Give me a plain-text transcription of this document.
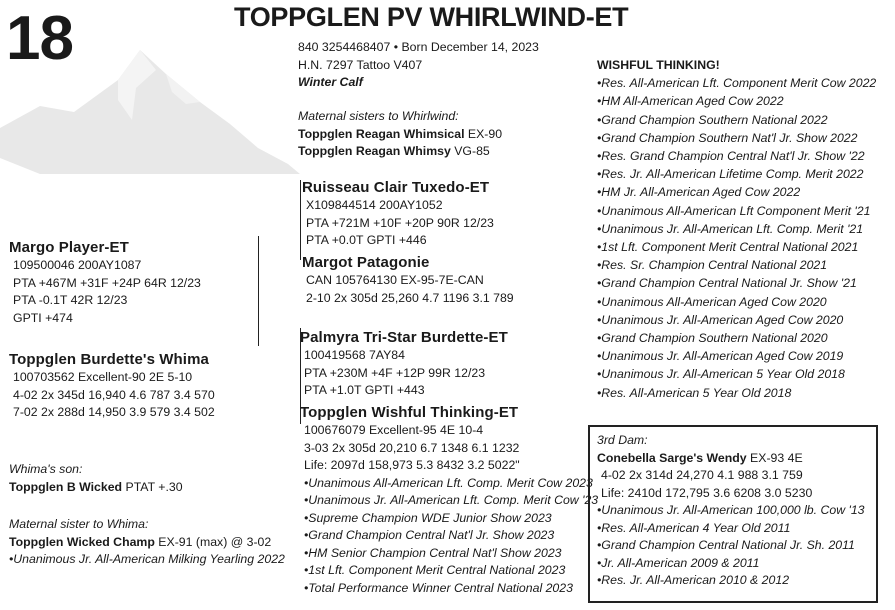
18	TOPPGLEN PV WHIRLWIND-ET
840 3254468407 • Born December 14, 2023
H.N. 7297 Tattoo V407
Winter Calf
Maternal sisters to Whirlwind:
Toppglen Reagan Whimsical EX-90
Toppglen Reagan Whimsy VG-85
Margo Player-ET
109500046 200AY1087
PTA +467M +31F +24P 64R 12/23
PTA -0.1T 42R 12/23
GPTI +474
Ruisseau Clair Tuxedo-ET
X109844514 200AY1052
PTA +721M +10F +20P 90R 12/23
PTA +0.0T GPTI +446
Margot Patagonie
CAN 105764130 EX-95-7E-CAN
2-10 2x 305d 25,260 4.7 1196 3.1 789
Toppglen Burdette's Whima
100703562 Excellent-90 2E 5-10
4-02 2x 345d 16,940 4.6 787 3.4 570
7-02 2x 288d 14,950 3.9 579 3.4 502
Palmyra Tri-Star Burdette-ET
100419568 7AY84
PTA +230M +4F +12P 99R 12/23
PTA +1.0T GPTI +443
Toppglen Wishful Thinking-ET
100676079 Excellent-95 4E 10-4
3-03 2x 305d 20,210 6.7 1348 6.1 1232
Life: 2097d 158,973 5.3 8432 3.2 5022"
•Unanimous All-American Lft. Comp. Merit Cow 2023
•Unanimous Jr. All-American Lft. Comp. Merit Cow '23
•Supreme Champion WDE Junior Show 2023
•Grand Champion Central Nat'l Jr. Show 2023
•HM Senior Champion Central Nat'l Show 2023
•1st Lft. Component Merit Central National 2023
•Total Performance Winner Central National 2023
Whima's son:
Toppglen B Wicked PTAT +.30
Maternal sister to Whima:
Toppglen Wicked Champ EX-91 (max) @ 3-02
•Unanimous Jr. All-American Milking Yearling 2022
WISHFUL THINKING!
•Res. All-American Lft. Component Merit Cow 2022
•HM All-American Aged Cow 2022
•Grand Champion Southern National 2022
•Grand Champion Southern Nat'l Jr. Show 2022
•Res. Grand Champion Central Nat'l Jr. Show '22
•Res. Jr. All-American Lifetime Comp. Merit 2022
•HM Jr. All-American Aged Cow 2022
•Unanimous All-American Lft Component Merit '21
•Unanimous Jr. All-American Lft. Comp. Merit '21
•1st Lft. Component Merit Central National 2021
•Res. Sr. Champion Central National 2021
•Grand Champion Central National Jr. Show '21
•Unanimous All-American Aged Cow 2020
•Unanimous Jr. All-American Aged Cow 2020
•Grand Champion Southern National 2020
•Unanimous Jr. All-American Aged Cow 2019
•Unanimous Jr. All-American 5 Year Old 2018
•Res. All-American 5 Year Old 2018
3rd Dam:
Conebella Sarge's Wendy EX-93 4E
4-02 2x 314d 24,270 4.1 988 3.1 759
Life: 2410d 172,795 3.6 6208 3.0 5230
•Unanimous Jr. All-American 100,000 lb. Cow '13
•Res. All-American 4 Year Old 2011
•Grand Champion Central National Jr. Sh. 2011
•Jr. All-American 2009 & 2011
•Res. Jr. All-American 2010 & 2012
